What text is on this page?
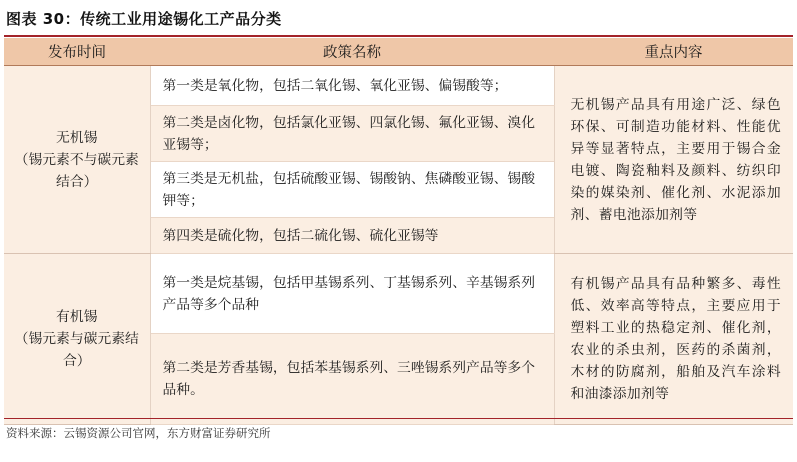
图表 30：传统工业用途锡化工产品分类
发布时间	政策名称	重点内容
无机锡
（锡元素不与碳元素结合）	第一类是氧化物，包括二氧化锡、氧化亚锡、偏锡酸等；	无机锡产品具有用途广泛、绿色环保、可制造功能材料、性能优异等显著特点，主要用于锡合金电镀、陶瓷釉料及颜料、纺织印染的媒染剂、催化剂、水泥添加剂、蓄电池添加剂等
	第二类是卤化物，包括氯化亚锡、四氯化锡、氟化亚锡、溴化亚锡等；	
	第三类是无机盐，包括硫酸亚锡、锡酸钠、焦磷酸亚锡、锡酸钾等；	
	第四类是硫化物，包括二硫化锡、硫化亚锡等	
有机锡
（锡元素与碳元素结合）	第一类是烷基锡，包括甲基锡系列、丁基锡系列、辛基锡系列产品等多个品种	有机锡产品具有品种繁多、毒性低、效率高等特点，主要应用于塑料工业的热稳定剂、催化剂，农业的杀虫剂，医药的杀菌剂，木材的防腐剂，船舶及汽车涂料和油漆添加剂等
	第二类是芳香基锡，包括苯基锡系列、三唑锡系列产品等多个品种。	
资料来源：云锡资源公司官网，东方财富证券研究所
